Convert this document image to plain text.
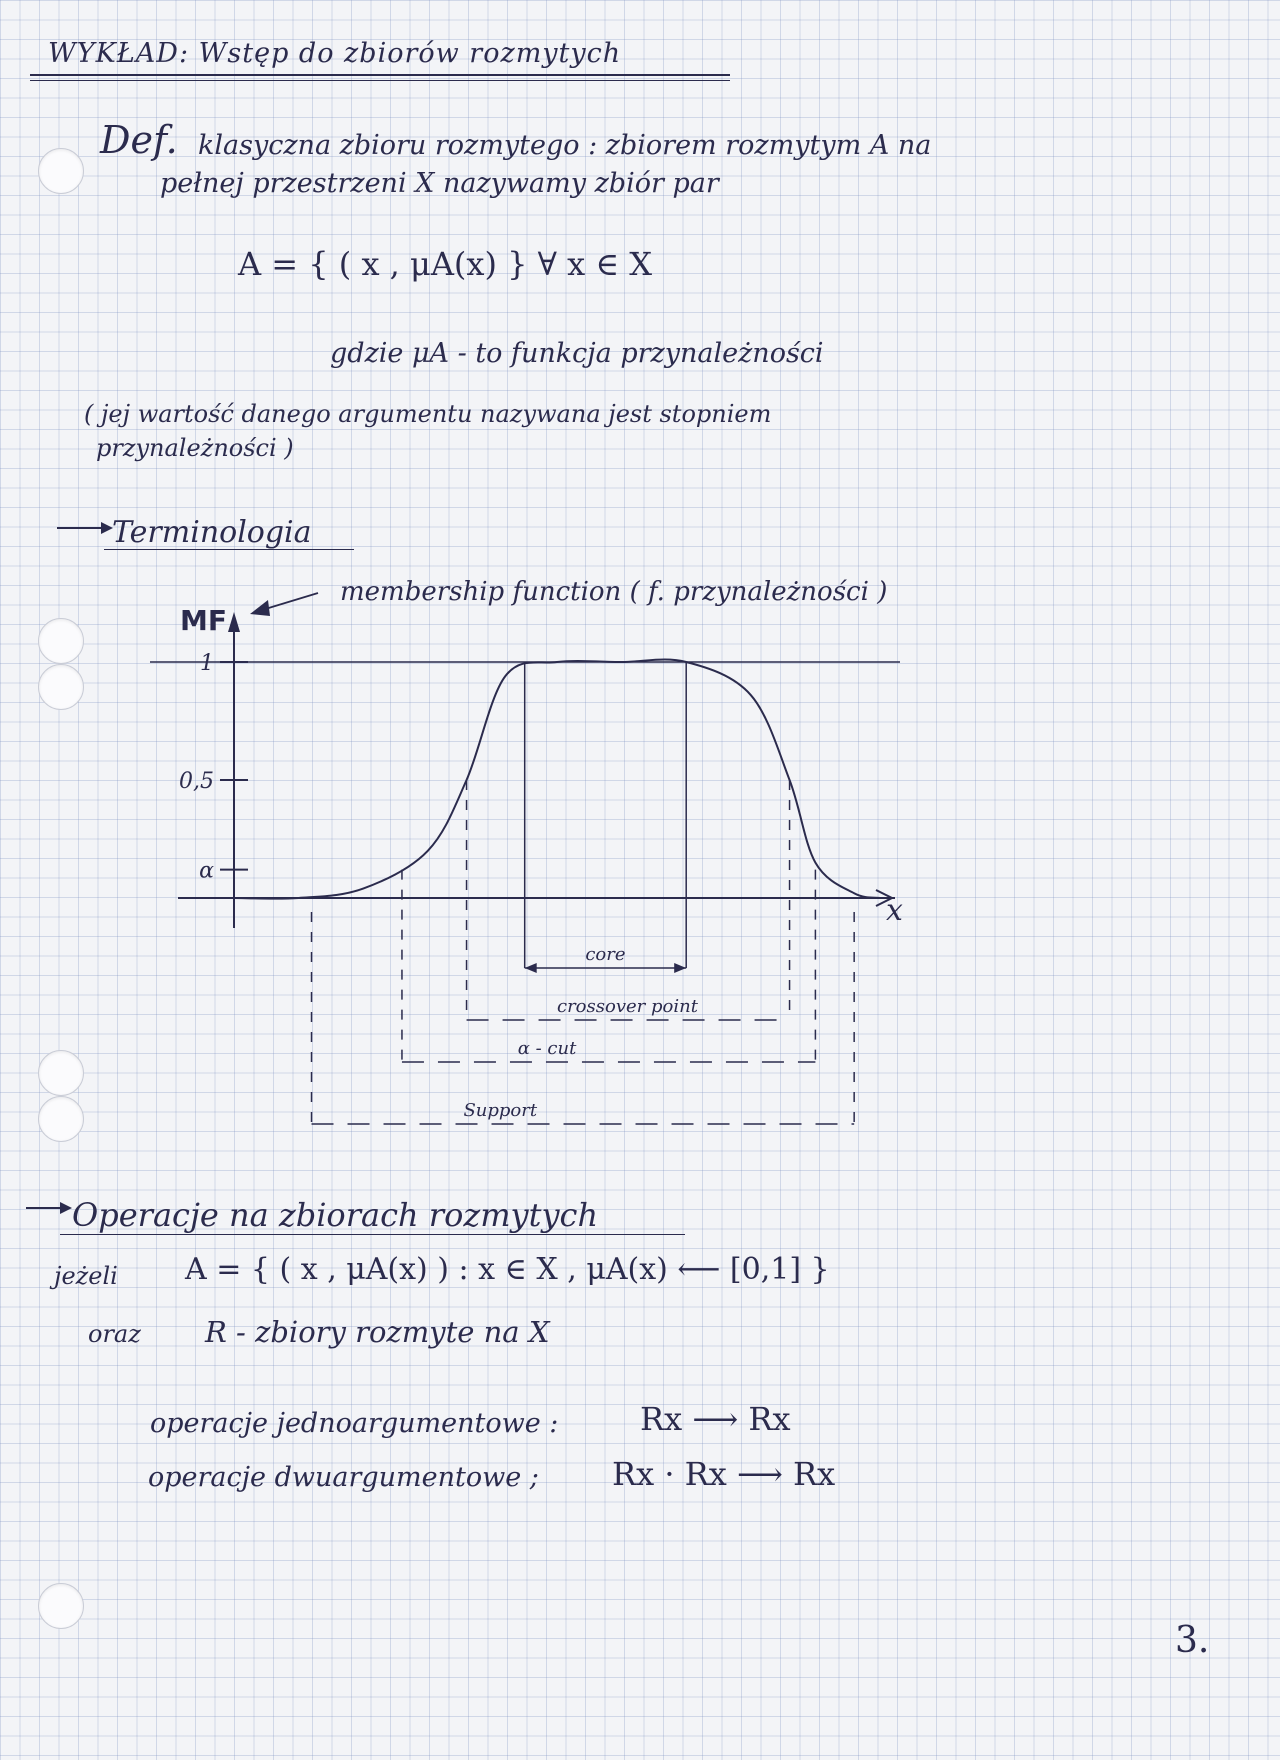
WYKŁAD: Wstęp do zbiorów rozmytych
Def. klasyczna zbioru rozmytego : zbiorem rozmytym A na
pełnej przestrzeni X nazywamy zbiór par
A = { ( x , μA(x) } ∀ x ∈ X
gdzie μA - to funkcja przynależności
( jej wartość danego argumentu nazywana jest stopniem
przynależności )
Terminologia
MF
x
membership function ( f. przynależności )
1
0,5
α
core
crossover point
α - cut
Support
Operacje na zbiorach rozmytych
jeżeli A = { ( x , μA(x) ) : x ∈ X , μA(x) ⟵ [0,1] }
oraz R - zbiory rozmyte na X
operacje jednoargumentowe :	Rx ⟶ Rx
operacje dwuargumentowe ; Rx · Rx ⟶ Rx
3.
